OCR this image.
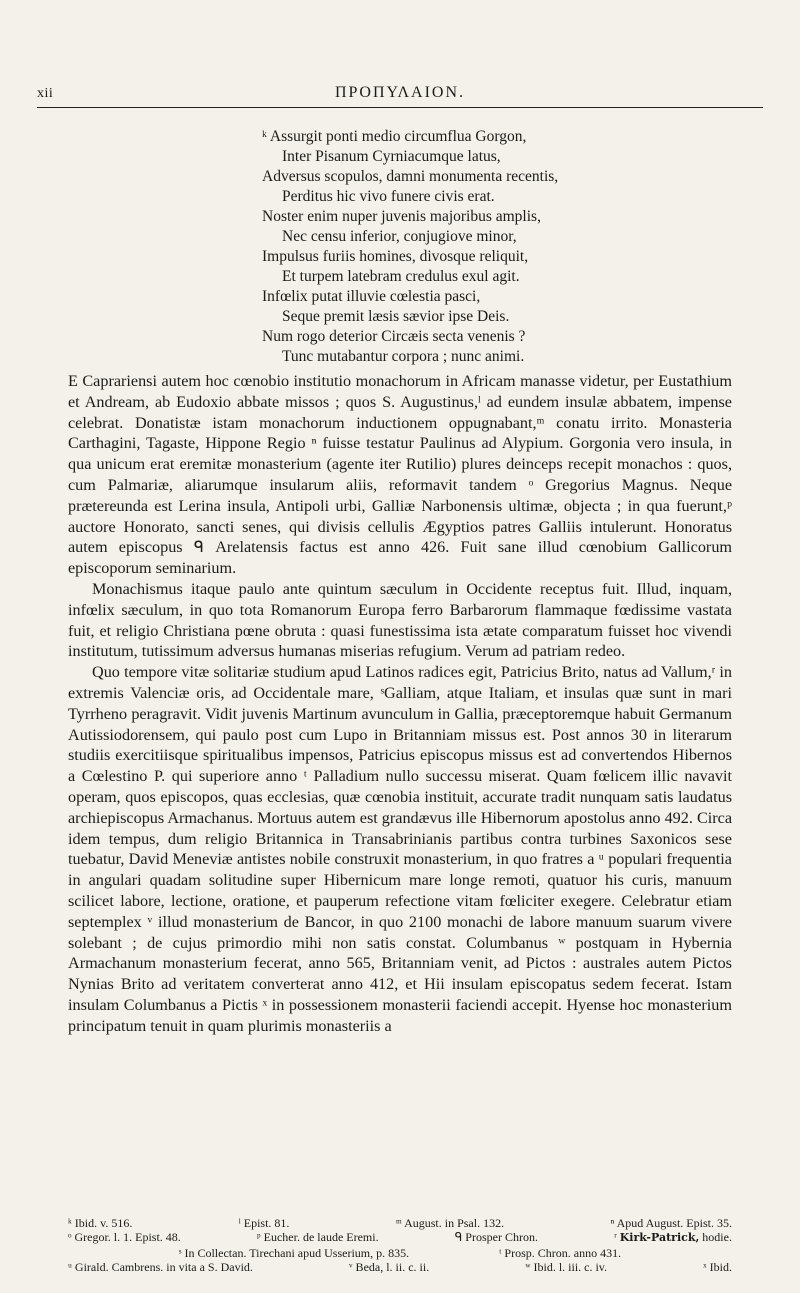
xii	ΠΡΟΠΥΛΑΙΟΝ.
ᵏ Assurgit ponti medio circumflua Gorgon,
Inter Pisanum Cyrniacumque latus,
Adversus scopulos, damni monumenta recentis,
Perditus hic vivo funere civis erat.
Noster enim nuper juvenis majoribus amplis,
Nec censu inferior, conjugiove minor,
Impulsus furiis homines, divosque reliquit,
Et turpem latebram credulus exul agit.
Infœlix putat illuvie cœlestia pasci,
Seque premit læsis sævior ipse Deis.
Num rogo deterior Circæis secta venenis ?
Tunc mutabantur corpora ; nunc animi.

E Caprariensi autem hoc cœnobio institutio monachorum in Africam manasse videtur, per Eustathium et Andream, ab Eudoxio abbate missos ; quos S. Augustinus,ˡ ad eundem insulæ abbatem, impense celebrat. Donatistæ istam monachorum inductionem oppugnabant,ᵐ conatu irrito. Monasteria Carthagini, Tagaste, Hippone Regio ⁿ fuisse testatur Paulinus ad Alypium. Gorgonia vero insula, in qua unicum erat eremitæ monasterium (agente iter Rutilio) plures deinceps recepit monachos : quos, cum Palmariæ, aliarumque insularum aliis, reformavit tandem ᵒ Gregorius Magnus. Neque prætereunda est Lerina insula, Antipoli urbi, Galliæ Narbonensis ultimæ, objecta ; in qua fuerunt,ᵖ auctore Honorato, sancti senes, qui divisis cellulis Ægyptios patres Galliis intulerunt. Honoratus autem episcopus ᑫ Arelatensis factus est anno 426. Fuit sane illud cœnobium Gallicorum episcoporum seminarium.

Monachismus itaque paulo ante quintum sæculum in Occidente receptus fuit. Illud, inquam, infœlix sæculum, in quo tota Romanorum Europa ferro Barbarorum flammaque fœdissime vastata fuit, et religio Christiana pœne obruta : quasi funestissima ista ætate comparatum fuisset hoc vivendi institutum, tutissimum adversus humanas miserias refugium. Verum ad patriam redeo.

Quo tempore vitæ solitariæ studium apud Latinos radices egit, Patricius Brito, natus ad Vallum,ʳ in extremis Valenciæ oris, ad Occidentale mare, ˢGalliam, atque Italiam, et insulas quæ sunt in mari Tyrrheno peragravit. Vidit juvenis Martinum avunculum in Gallia, præceptoremque habuit Germanum Autissiodorensem, qui paulo post cum Lupo in Britanniam missus est. Post annos 30 in literarum studiis exercitiisque spiritualibus impensos, Patricius episcopus missus est ad convertendos Hibernos a Cœlestino P. qui superiore anno ᵗ Palladium nullo successu miserat. Quam fœlicem illic navavit operam, quos episcopos, quas ecclesias, quæ cœnobia instituit, accurate tradit nunquam satis laudatus archiepiscopus Armachanus. Mortuus autem est grandævus ille Hibernorum apostolus anno 492. Circa idem tempus, dum religio Britannica in Transabrinianis partibus contra turbines Saxonicos sese tuebatur, David Meneviæ antistes nobile construxit monasterium, in quo fratres a ᵘ populari frequentia in angulari quadam solitudine super Hibernicum mare longe remoti, quatuor his curis, manuum scilicet labore, lectione, oratione, et pauperum refectione vitam fœliciter exegere. Celebratur etiam septemplex ᵛ illud monasterium de Bancor, in quo 2100 monachi de labore manuum suarum vivere solebant ; de cujus primordio mihi non satis constat. Columbanus ʷ postquam in Hybernia Armachanum monasterium fecerat, anno 565, Britanniam venit, ad Pictos : australes autem Pictos Nynias Brito ad veritatem converterat anno 412, et Hii insulam episcopatus sedem fecerat. Istam insulam Columbanus a Pictis ˣ in possessionem monasterii faciendi accepit. Hyense hoc monasterium principatum tenuit in quam plurimis monasteriis a

ᵏ Ibid. v. 516.	ˡ Epist. 81.	ᵐ August. in Psal. 132.	ⁿ Apud August. Epist. 35.
ᵒ Gregor. l. 1. Epist. 48.	ᵖ Eucher. de laude Eremi.	ᑫ Prosper Chron.	ʳ Kirk-Patrick, hodie.
ˢ In Collectan. Tirechani apud Usserium, p. 835.	ᵗ Prosp. Chron. anno 431.
ᵘ Girald. Cambrens. in vita a S. David.	ᵛ Beda, l. ii. c. ii.	ʷ Ibid. l. iii. c. iv.	ˣ Ibid.
